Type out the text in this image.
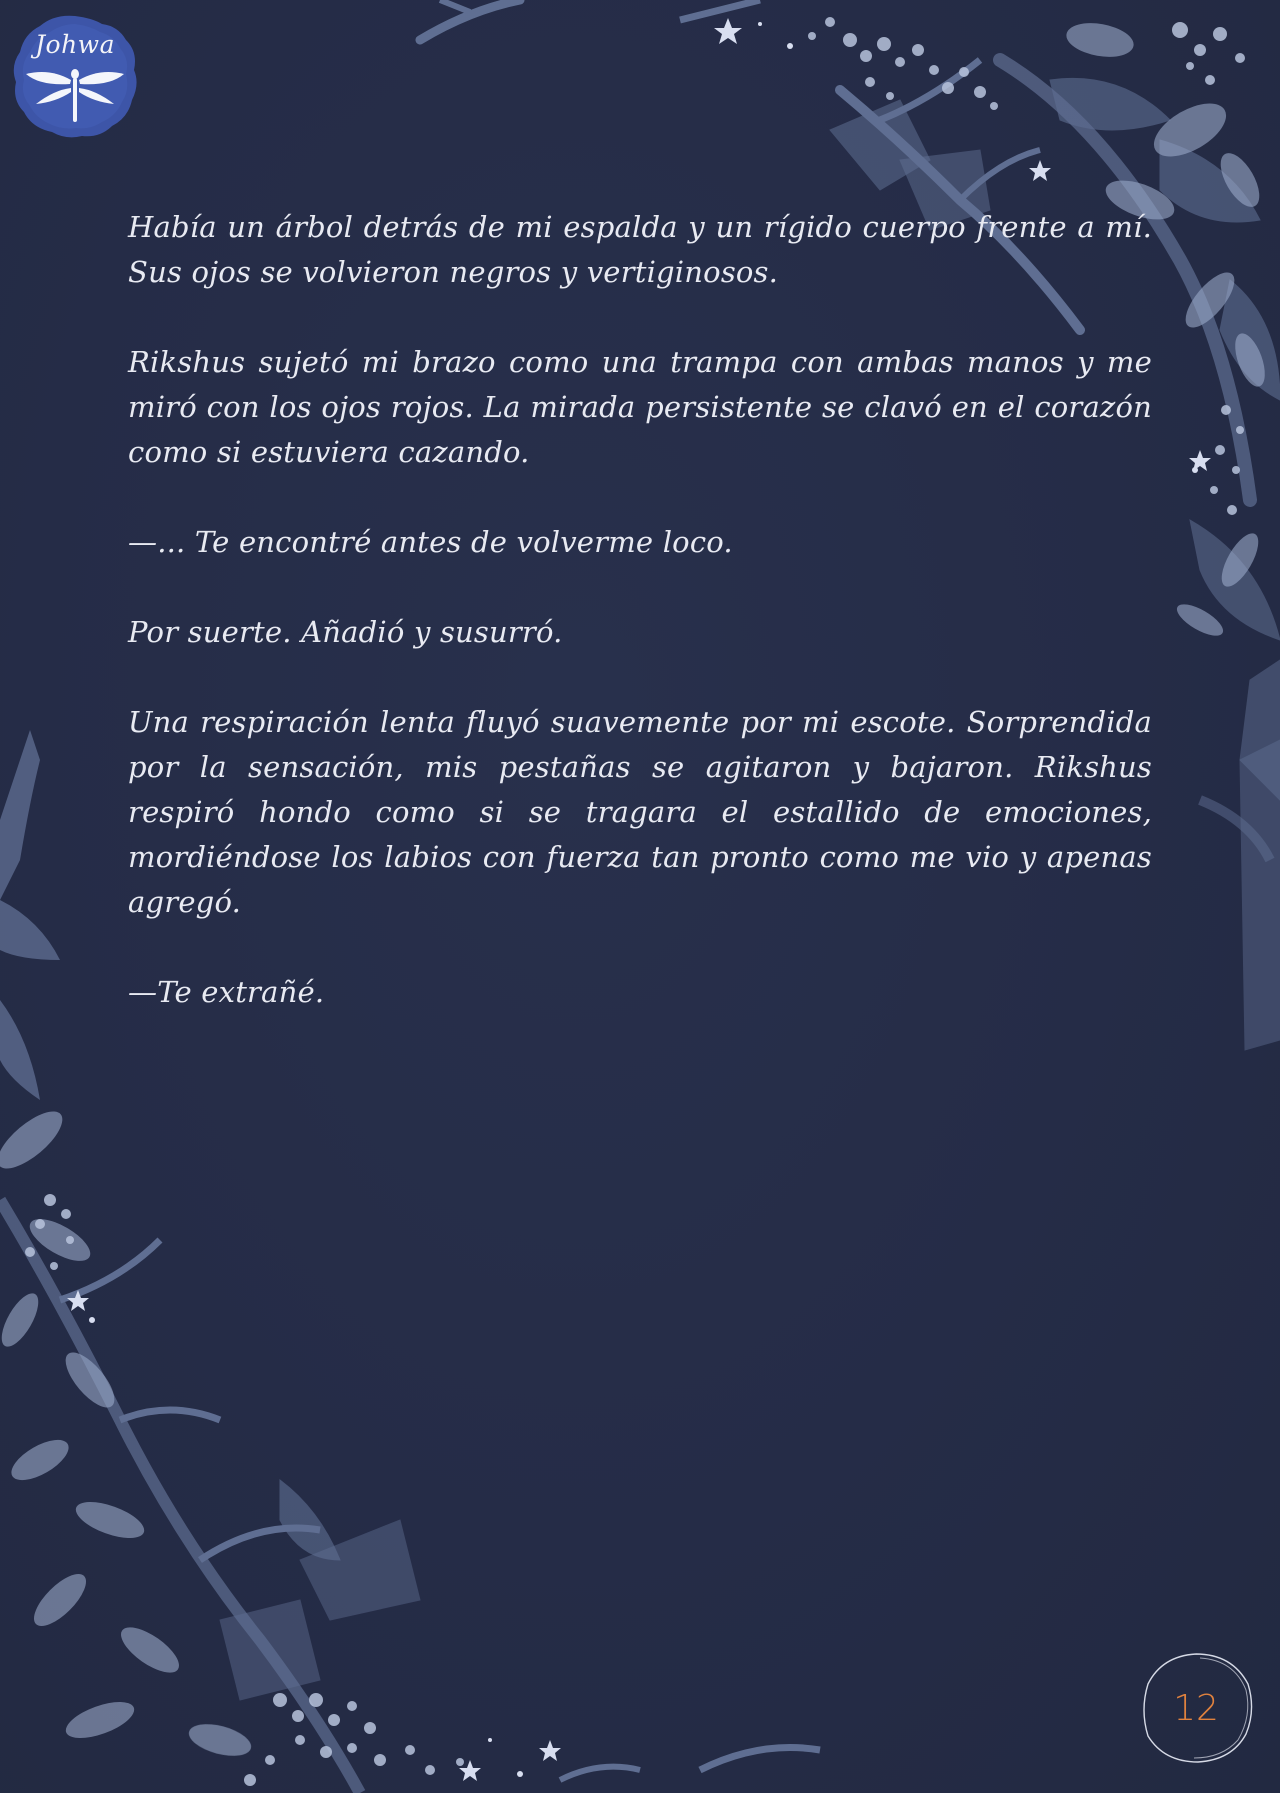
Johwa

Había un árbol detrás de mi espalda y un rígido cuerpo frente a mí. Sus ojos se volvieron negros y vertiginosos.

Rikshus sujetó mi brazo como una trampa con ambas manos y me miró con los ojos rojos. La mirada persistente se clavó en el corazón como si estuviera cazando.

—... Te encontré antes de volverme loco.

Por suerte. Añadió y susurró.

Una respiración lenta fluyó suavemente por mi escote. Sorprendida por la sensación, mis pestañas se agitaron y bajaron. Rikshus respiró hondo como si se tragara el estallido de emociones, mordiéndose los labios con fuerza tan pronto como me vio y apenas agregó.

—Te extrañé.

12
